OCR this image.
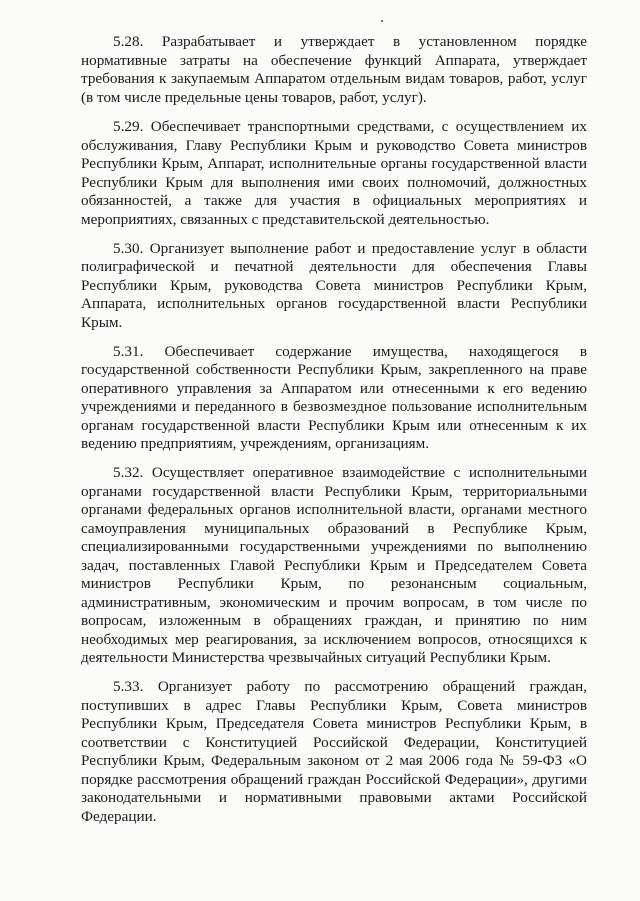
5.28. Разрабатывает и утверждает в установленном порядке нормативные затраты на обеспечение функций Аппарата, утверждает требования к закупаемым Аппаратом отдельным видам товаров, работ, услуг (в том числе предельные цены товаров, работ, услуг).

5.29. Обеспечивает транспортными средствами, с осуществлением их обслуживания, Главу Республики Крым и руководство Совета министров Республики Крым, Аппарат, исполнительные органы государственной власти Республики Крым для выполнения ими своих полномочий, должностных обязанностей, а также для участия в официальных мероприятиях и мероприятиях, связанных с представительской деятельностью.

5.30. Организует выполнение работ и предоставление услуг в области полиграфической и печатной деятельности для обеспечения Главы Республики Крым, руководства Совета министров Республики Крым, Аппарата, исполнительных органов государственной власти Республики Крым.

5.31. Обеспечивает содержание имущества, находящегося в государственной собственности Республики Крым, закрепленного на праве оперативного управления за Аппаратом или отнесенными к его ведению учреждениями и переданного в безвозмездное пользование исполнительным органам государственной власти Республики Крым или отнесенным к их ведению предприятиям, учреждениям, организациям.

5.32. Осуществляет оперативное взаимодействие с исполнительными органами государственной власти Республики Крым, территориальными органами федеральных органов исполнительной власти, органами местного самоуправления муниципальных образований в Республике Крым, специализированными государственными учреждениями по выполнению задач, поставленных Главой Республики Крым и Председателем Совета министров Республики Крым, по резонансным социальным, административным, экономическим и прочим вопросам, в том числе по вопросам, изложенным в обращениях граждан, и принятию по ним необходимых мер реагирования, за исключением вопросов, относящихся к деятельности Министерства чрезвычайных ситуаций Республики Крым.

5.33. Организует работу по рассмотрению обращений граждан, поступивших в адрес Главы Республики Крым, Совета министров Республики Крым, Председателя Совета министров Республики Крым, в соответствии с Конституцией Российской Федерации, Конституцией Республики Крым, Федеральным законом от 2 мая 2006 года № 59-ФЗ «О порядке рассмотрения обращений граждан Российской Федерации», другими законодательными и нормативными правовыми актами Российской Федерации.
